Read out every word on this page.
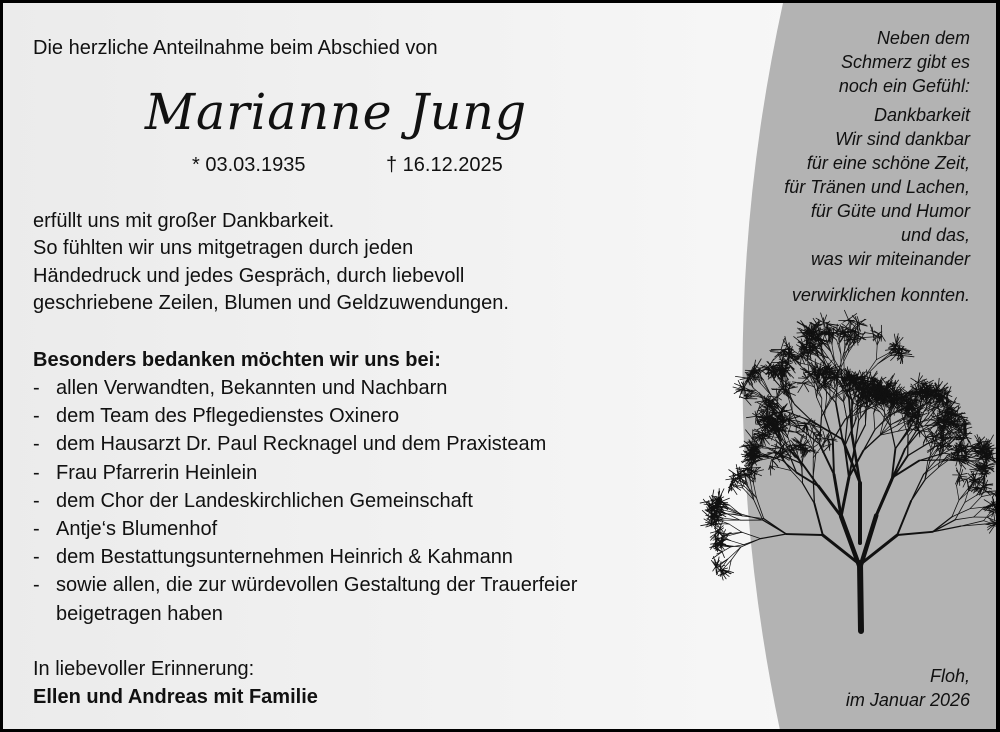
Die herzliche Anteilnahme beim Abschied von
Marianne Jung
* 03.03.1935	† 16.12.2025
erfüllt uns mit großer Dankbarkeit.
So fühlten wir uns mitgetragen durch jeden
Händedruck und jedes Gespräch, durch liebevoll
geschriebene Zeilen, Blumen und Geldzuwendungen.
Besonders bedanken möchten wir uns bei:
- allen Verwandten, Bekannten und Nachbarn
- dem Team des Pflegedienstes Oxinero
- dem Hausarzt Dr. Paul Recknagel und dem Praxisteam
- Frau Pfarrerin Heinlein
- dem Chor der Landeskirchlichen Gemeinschaft
- Antje‘s Blumenhof
- dem Bestattungsunternehmen Heinrich & Kahmann
- sowie allen, die zur würdevollen Gestaltung der Trauerfeier
beigetragen haben
In liebevoller Erinnerung:
Ellen und Andreas mit Familie
Neben dem
Schmerz gibt es
noch ein Gefühl:
Dankbarkeit
Wir sind dankbar
für eine schöne Zeit,
für Tränen und Lachen,
für Güte und Humor
und das,
was wir miteinander
verwirklichen konnten.
Floh,
im Januar 2026
